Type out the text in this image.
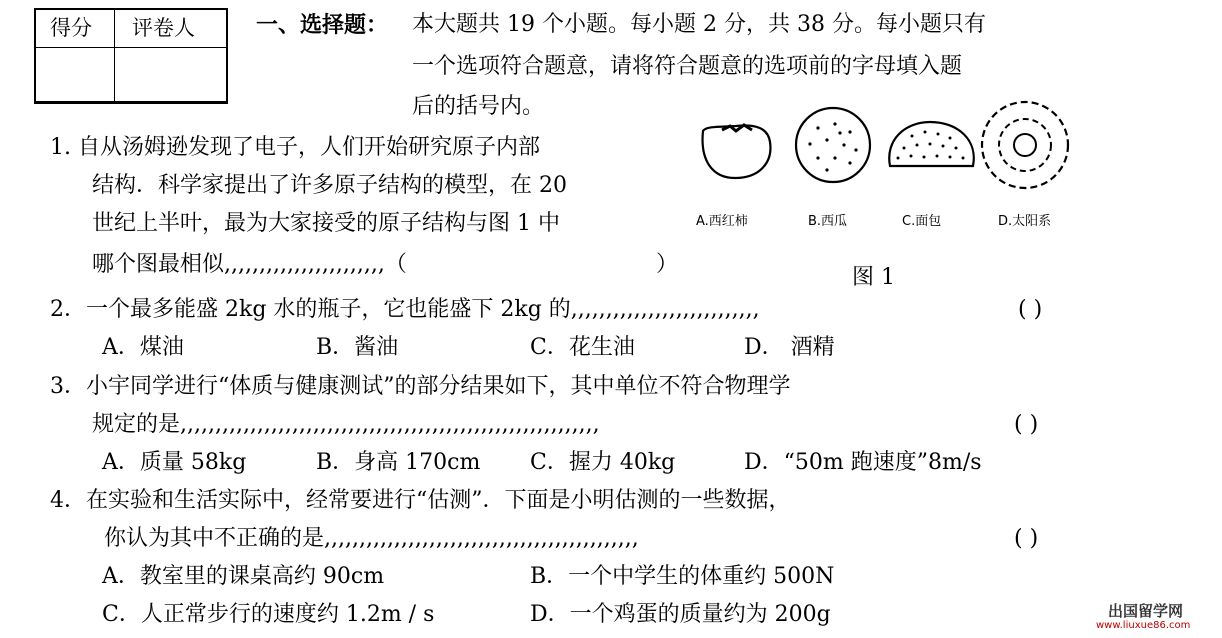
得分 评卷人	一、选择题： 本大题共 19 个小题。每小题 2 分，共 38 分。每小题只有
一个选项符合题意，请将符合题意的选项前的字母填入题
后的括号内。
1. 自从汤姆逊发现了电子，人们开始研究原子内部
结构．科学家提出了许多原子结构的模型，在 20
世纪上半叶，最为大家接受的原子结构与图 1 中
哪个图最相似,,,,,,,,,,,,,,,,,,,,,,,（	）
A.西红柿	B.西瓜	C.面包	D.太阳系
图 1
2．一个最多能盛 2kg 水的瓶子，它也能盛下 2kg 的,,,,,,,,,,,,,,,,,,,,,,,,,,,	( )
A．煤油	B．酱油	C．花生油	D． 酒精
3．小宇同学进行“体质与健康测试”的部分结果如下，其中单位不符合物理学
规定的是,,,,,,,,,,,,,,,,,,,,,,,,,,,,,,,,,,,,,,,,,,,,,,,,,,,,,,,,,,,,	( )
A．质量 58kg	B．身高 170cm C．握力 40kg	D．“50m 跑速度”8m/s
4．在实验和生活实际中，经常要进行“估测”．下面是小明估测的一些数据，
你认为其中不正确的是,,,,,,,,,,,,,,,,,,,,,,,,,,,,,,,,,,,,,,,,,,,,,	( )
A．教室里的课桌高约 90cm	B．一个中学生的体重约 500N
C．人正常步行的速度约 1.2m / s	D．一个鸡蛋的质量约为 200g	出国留学网
www.liuxue86.com
